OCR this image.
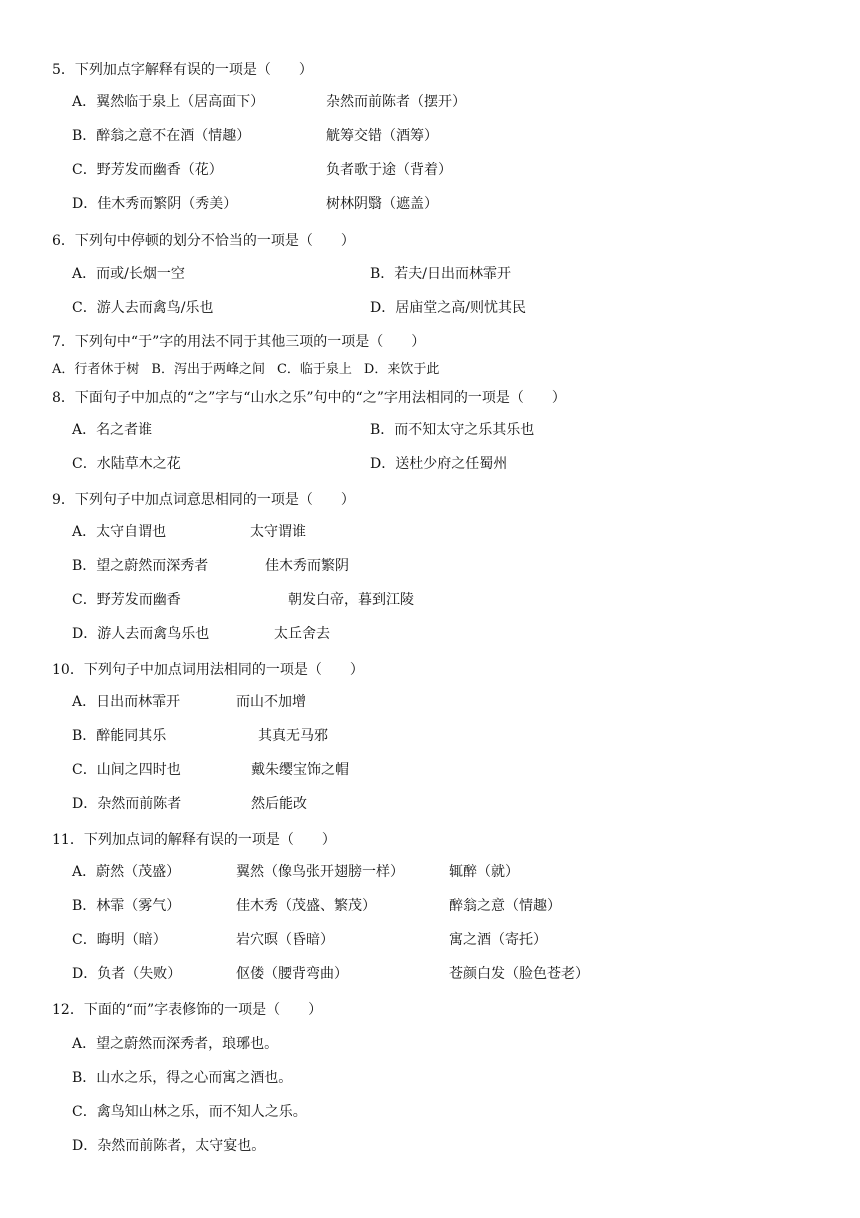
5．下列加点字解释有误的一项是（　　）
A．翼然临于泉上（居高面下）	杂然而前陈者（摆开）
B．醉翁之意不在酒（情趣）	觥筹交错（酒筹）
C．野芳发而幽香（花）	负者歌于途（背着）
D．佳木秀而繁阴（秀美）	树林阴翳（遮盖）
6．下列句中停顿的划分不恰当的一项是（　　）
A．而或/长烟一空	B．若夫/日出而林霏开
C．游人去而禽鸟/乐也	D．居庙堂之高/则忧其民
7．下列句中“于”字的用法不同于其他三项的一项是（　　）
A．行者休于树 B．泻出于两峰之间 C．临于泉上 D．来饮于此
8．下面句子中加点的“之”字与“山水之乐”句中的“之”字用法相同的一项是（　　）
A．名之者谁	B．而不知太守之乐其乐也
C．水陆草木之花	D．送杜少府之任蜀州
9．下列句子中加点词意思相同的一项是（　　）
A．太守自谓也	太守谓谁
B．望之蔚然而深秀者	佳木秀而繁阴
C．野芳发而幽香	朝发白帝，暮到江陵
D．游人去而禽鸟乐也	太丘舍去
10．下列句子中加点词用法相同的一项是（　　）
A．日出而林霏开	而山不加增
B．醉能同其乐	其真无马邪
C．山间之四时也	戴朱缨宝饰之帽
D．杂然而前陈者	然后能改
11．下列加点词的解释有误的一项是（　　）
A．蔚然（茂盛）	翼然（像鸟张开翅膀一样）	辄醉（就）
B．林霏（雾气）	佳木秀（茂盛、繁茂）	醉翁之意（情趣）
C．晦明（暗）	岩穴暝（昏暗）	寓之酒（寄托）
D．负者（失败）	伛偻（腰背弯曲）	苍颜白发（脸色苍老）
12．下面的“而”字表修饰的一项是（　　）
A．望之蔚然而深秀者，琅琊也。
B．山水之乐，得之心而寓之酒也。
C．禽鸟知山林之乐，而不知人之乐。
D．杂然而前陈者，太守宴也。
